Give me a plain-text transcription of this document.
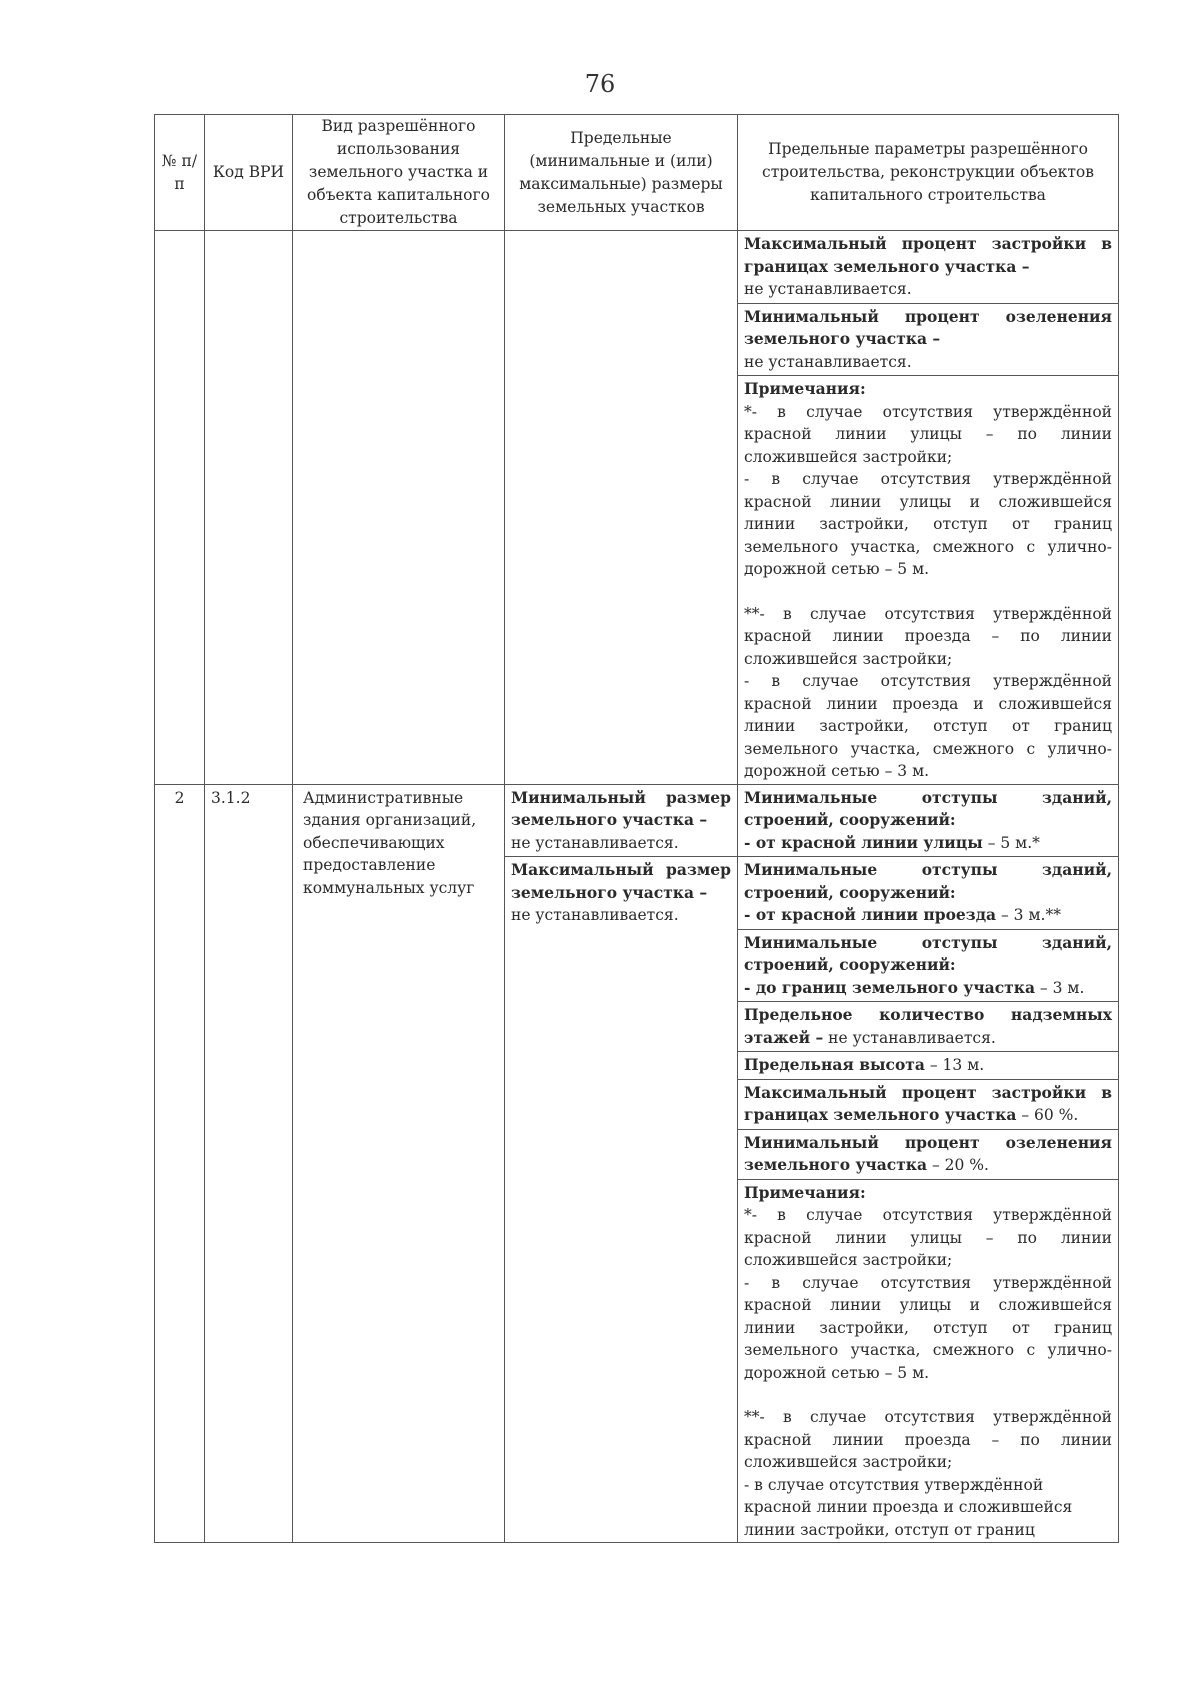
76
№ п/п	Код ВРИ	Вид разрешённого использования земельного участка и объекта капитального строительства	Предельные (минимальные и (или) максимальные) размеры земельных участков	Предельные параметры разрешённого строительства, реконструкции объектов капитального строительства
				Максимальный процент застройки в границах земельного участка –
не устанавливается.
				Минимальный процент озеленения земельного участка –
не устанавливается.

				Примечания:
*- в случае отсутствия утверждённой красной линии улицы – по линии сложившейся застройки;
- в случае отсутствия утверждённой красной линии улицы и сложившейся линии застройки, отступ от границ земельного участка, смежного с улично-дорожной сетью – 5 м.
**- в случае отсутствия утверждённой красной линии проезда – по линии сложившейся застройки;
- в случае отсутствия утверждённой красной линии проезда и сложившейся линии застройки, отступ от границ земельного участка, смежного с улично-дорожной сетью – 3 м.

2	3.1.2	Административные здания организаций, обеспечивающих предоставление коммунальных услуг	Минимальный размер земельного участка –
не устанавливается.	Минимальные отступы зданий, строений, сооружений:
- от красной линии улицы – 5 м.*
			Максимальный размер земельного участка –
не устанавливается.	Минимальные отступы зданий, строений, сооружений:
- от красной линии проезда – 3 м.**
				Минимальные отступы зданий, строений, сооружений:
- до границ земельного участка – 3 м.
				Предельное количество надземных этажей – не устанавливается.
				Предельная высота – 13 м.
				Максимальный процент застройки в границах земельного участка – 60 %.
				Минимальный процент озеленения земельного участка – 20 %.

				Примечания:
*- в случае отсутствия утверждённой красной линии улицы – по линии сложившейся застройки;
- в случае отсутствия утверждённой красной линии улицы и сложившейся линии застройки, отступ от границ земельного участка, смежного с улично-дорожной сетью – 5 м.
**- в случае отсутствия утверждённой красной линии проезда – по линии сложившейся застройки;
- в случае отсутствия утверждённой красной линии проезда и сложившейся линии застройки, отступ от границ
